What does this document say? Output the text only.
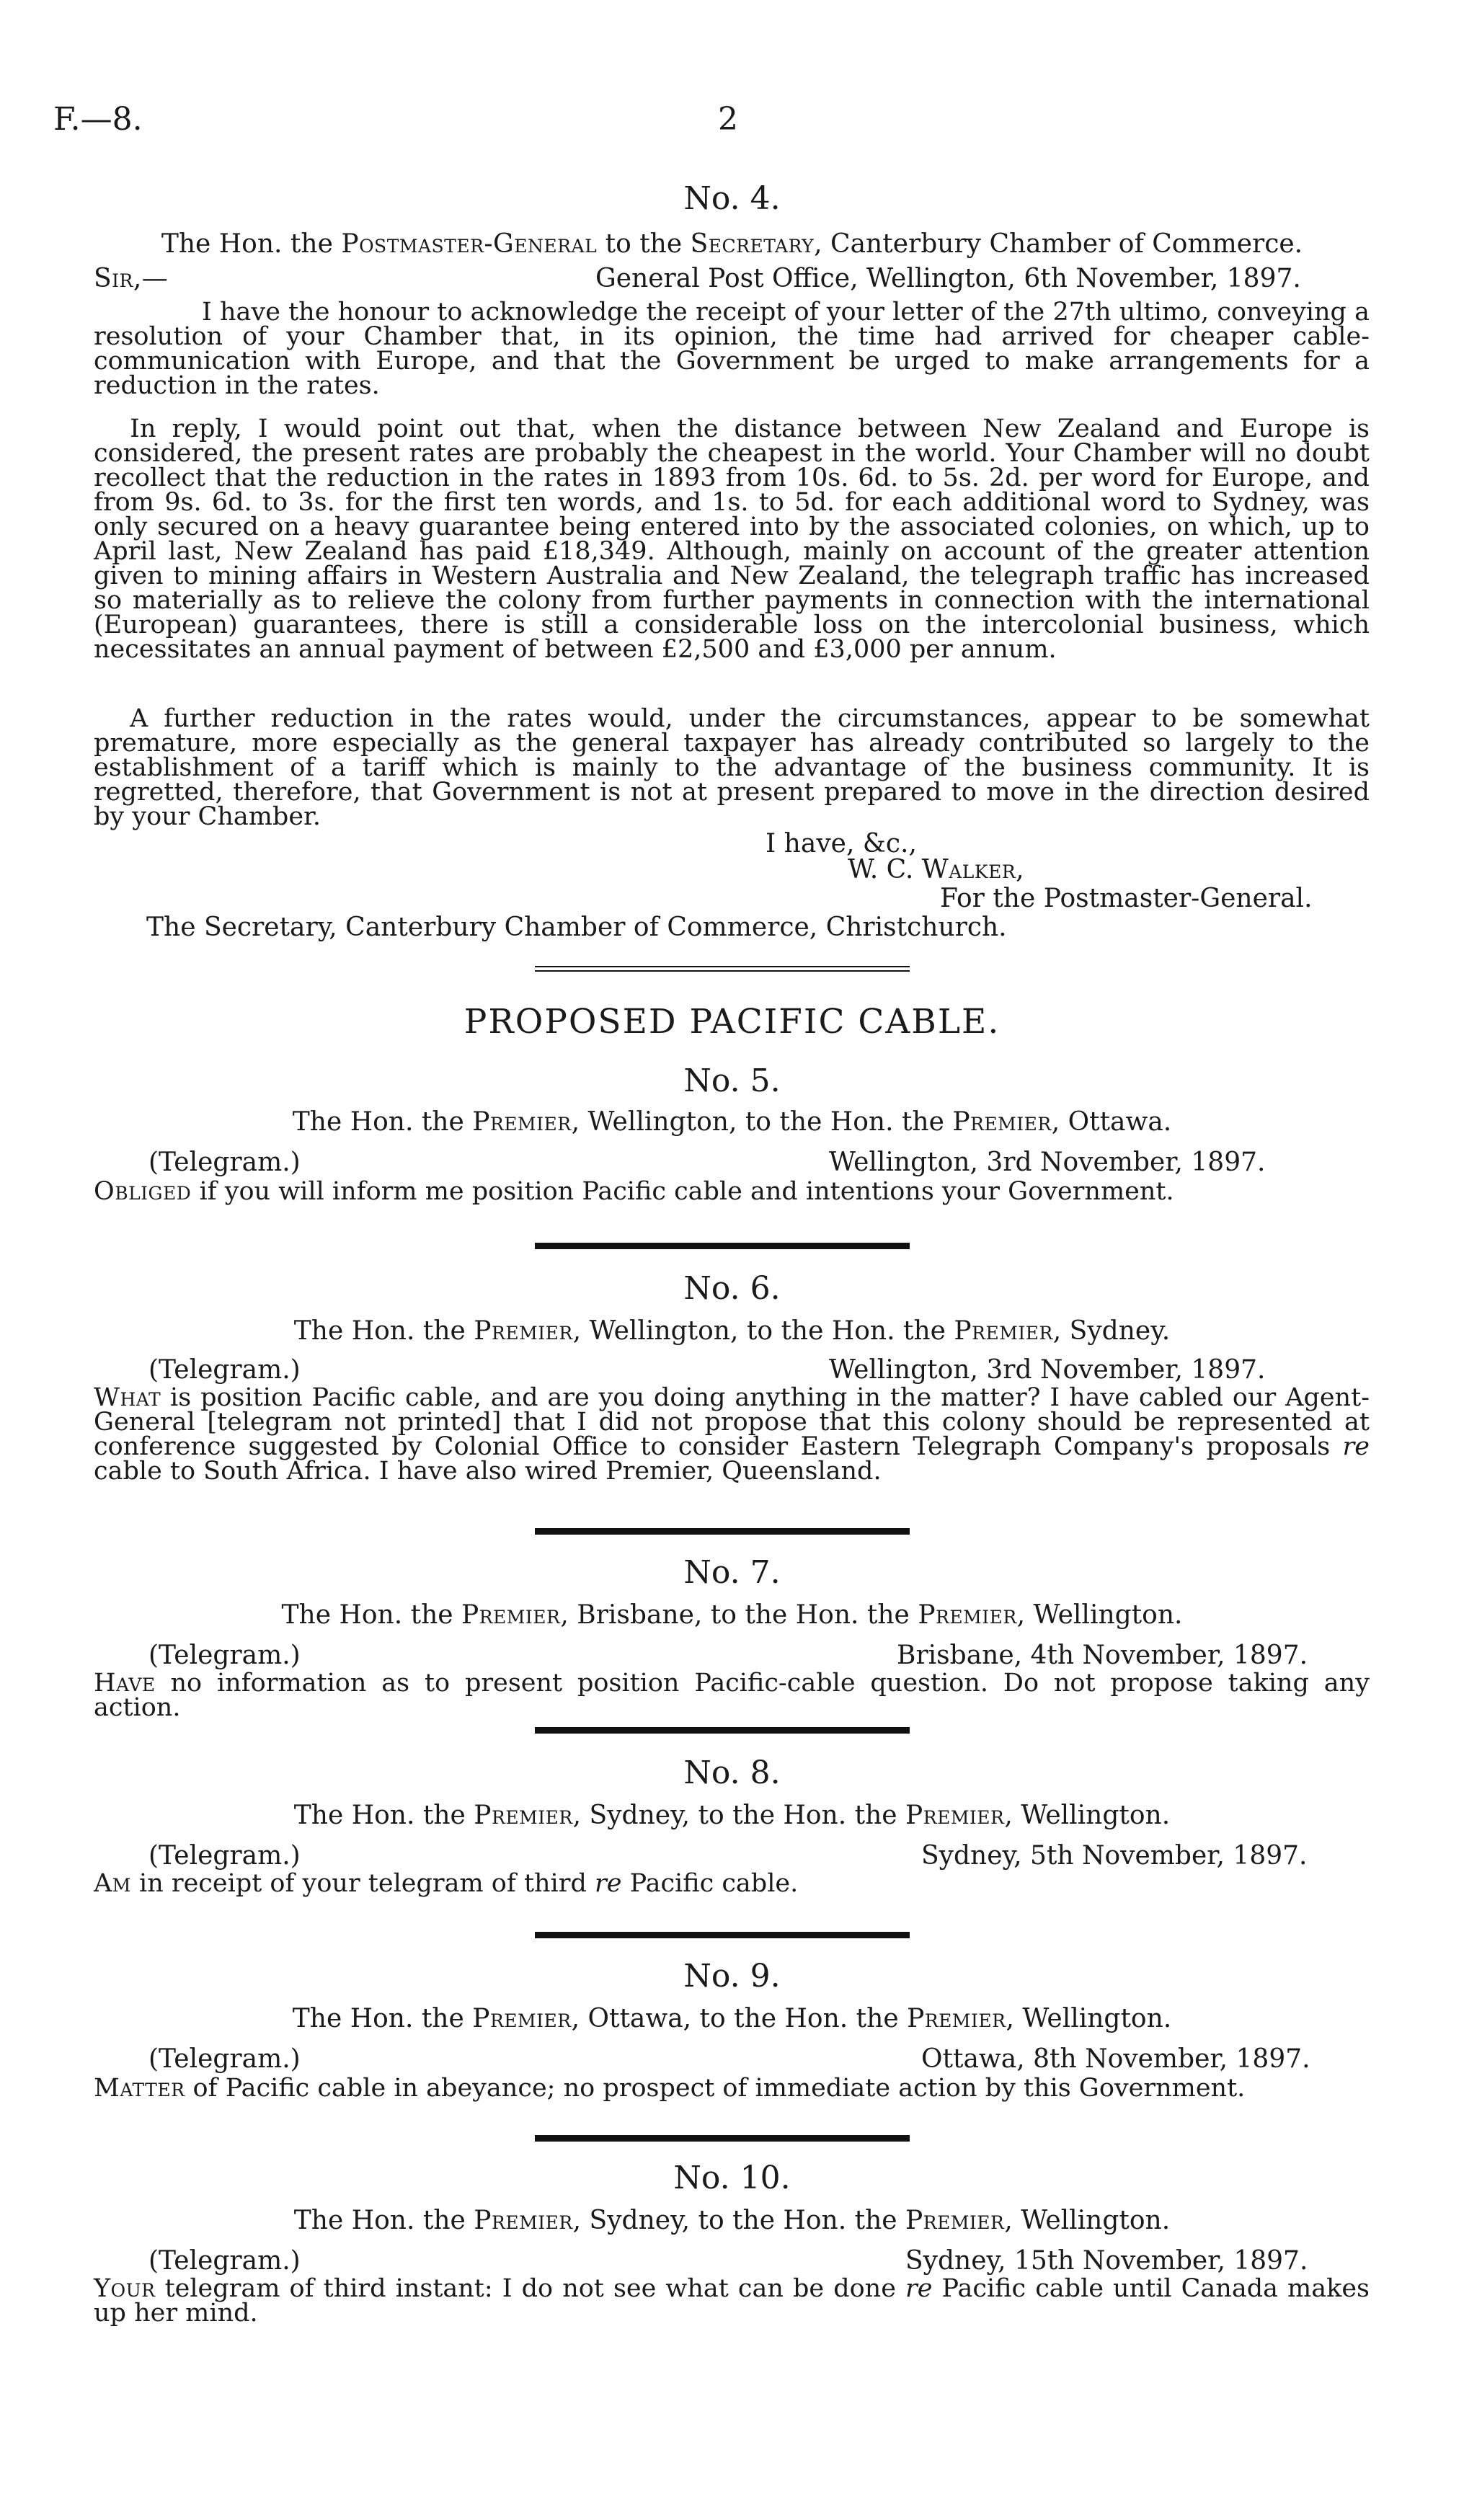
F.—8.	2
No. 4.
The Hon. the Postmaster-General to the Secretary, Canterbury Chamber of Commerce.
Sir,—	General Post Office, Wellington, 6th November, 1897.
I have the honour to acknowledge the receipt of your letter of the 27th ultimo, conveying a resolution of your Chamber that, in its opinion, the time had arrived for cheaper cable-communication with Europe, and that the Government be urged to make arrangements for a reduction in the rates.
In reply, I would point out that, when the distance between New Zealand and Europe is considered, the present rates are probably the cheapest in the world. Your Chamber will no doubt recollect that the reduction in the rates in 1893 from 10s. 6d. to 5s. 2d. per word for Europe, and from 9s. 6d. to 3s. for the first ten words, and 1s. to 5d. for each additional word to Sydney, was only secured on a heavy guarantee being entered into by the associated colonies, on which, up to April last, New Zealand has paid £18,349. Although, mainly on account of the greater attention given to mining affairs in Western Australia and New Zealand, the telegraph traffic has increased so materially as to relieve the colony from further payments in connection with the international (European) guarantees, there is still a considerable loss on the intercolonial business, which necessitates an annual payment of between £2,500 and £3,000 per annum.
A further reduction in the rates would, under the circumstances, appear to be somewhat premature, more especially as the general taxpayer has already contributed so largely to the establishment of a tariff which is mainly to the advantage of the business community. It is regretted, therefore, that Government is not at present prepared to move in the direction desired by your Chamber.
I have, &c.,
W. C. Walker,
For the Postmaster-General.
The Secretary, Canterbury Chamber of Commerce, Christchurch.
PROPOSED PACIFIC CABLE.
No. 5.
The Hon. the Premier, Wellington, to the Hon. the Premier, Ottawa.
(Telegram.)	Wellington, 3rd November, 1897.
Obliged if you will inform me position Pacific cable and intentions your Government.
No. 6.
The Hon. the Premier, Wellington, to the Hon. the Premier, Sydney.
(Telegram.)	Wellington, 3rd November, 1897.
What is position Pacific cable, and are you doing anything in the matter? I have cabled our Agent-General [telegram not printed] that I did not propose that this colony should be represented at conference suggested by Colonial Office to consider Eastern Telegraph Company's proposals re cable to South Africa. I have also wired Premier, Queensland.
No. 7.
The Hon. the Premier, Brisbane, to the Hon. the Premier, Wellington.
(Telegram.)	Brisbane, 4th November, 1897.
Have no information as to present position Pacific-cable question. Do not propose taking any action.
No. 8.
The Hon. the Premier, Sydney, to the Hon. the Premier, Wellington.
(Telegram.)	Sydney, 5th November, 1897.
Am in receipt of your telegram of third re Pacific cable.
No. 9.
The Hon. the Premier, Ottawa, to the Hon. the Premier, Wellington.
(Telegram.)	Ottawa, 8th November, 1897.
Matter of Pacific cable in abeyance; no prospect of immediate action by this Government.
No. 10.
The Hon. the Premier, Sydney, to the Hon. the Premier, Wellington.
(Telegram.)	Sydney, 15th November, 1897.
Your telegram of third instant: I do not see what can be done re Pacific cable until Canada makes up her mind.
